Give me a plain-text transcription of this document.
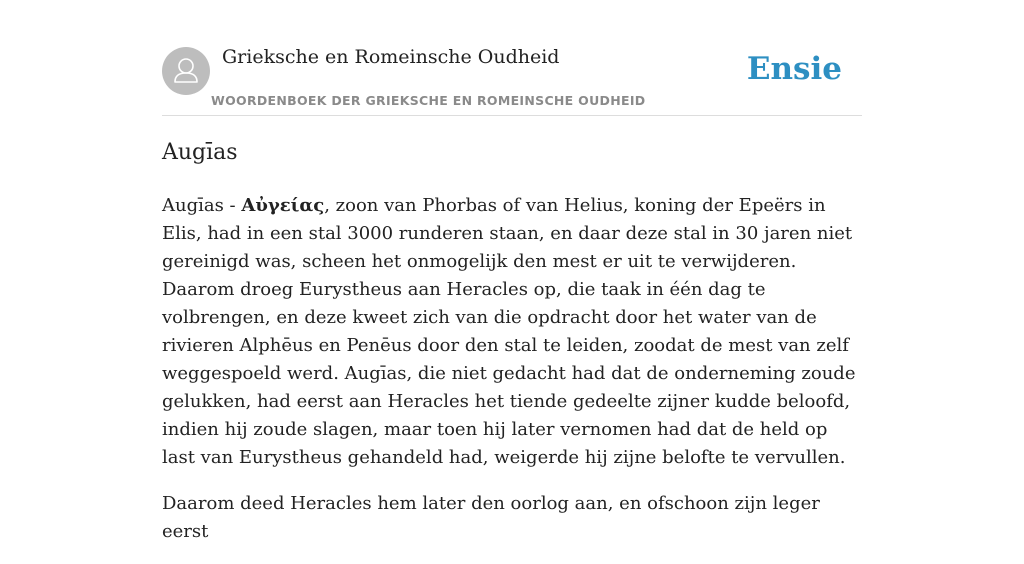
Grieksche en Romeinsche Oudheid
WOORDENBOEK DER GRIEKSCHE EN ROMEINSCHE OUDHEID
Ensie
Augīas

Augīas - Αὐγείας, zoon van Phorbas of van Helius, koning der Epeërs in Elis, had in een stal 3000 runderen staan, en daar deze stal in 30 jaren niet gereinigd was, scheen het onmogelijk den mest er uit te verwijderen. Daarom droeg Eurystheus aan Heracles op, die taak in één dag te volbrengen, en deze kweet zich van die opdracht door het water van de rivieren Alphēus en Penēus door den stal te leiden, zoodat de mest van zelf weggespoeld werd. Augīas, die niet gedacht had dat de onderneming zoude gelukken, had eerst aan Heracles het tiende gedeelte zijner kudde beloofd, indien hij zoude slagen, maar toen hij later vernomen had dat de held op last van Eurystheus gehandeld had, weigerde hij zijne belofte te vervullen.

Daarom deed Heracles hem later den oorlog aan, en ofschoon zijn leger eerst
